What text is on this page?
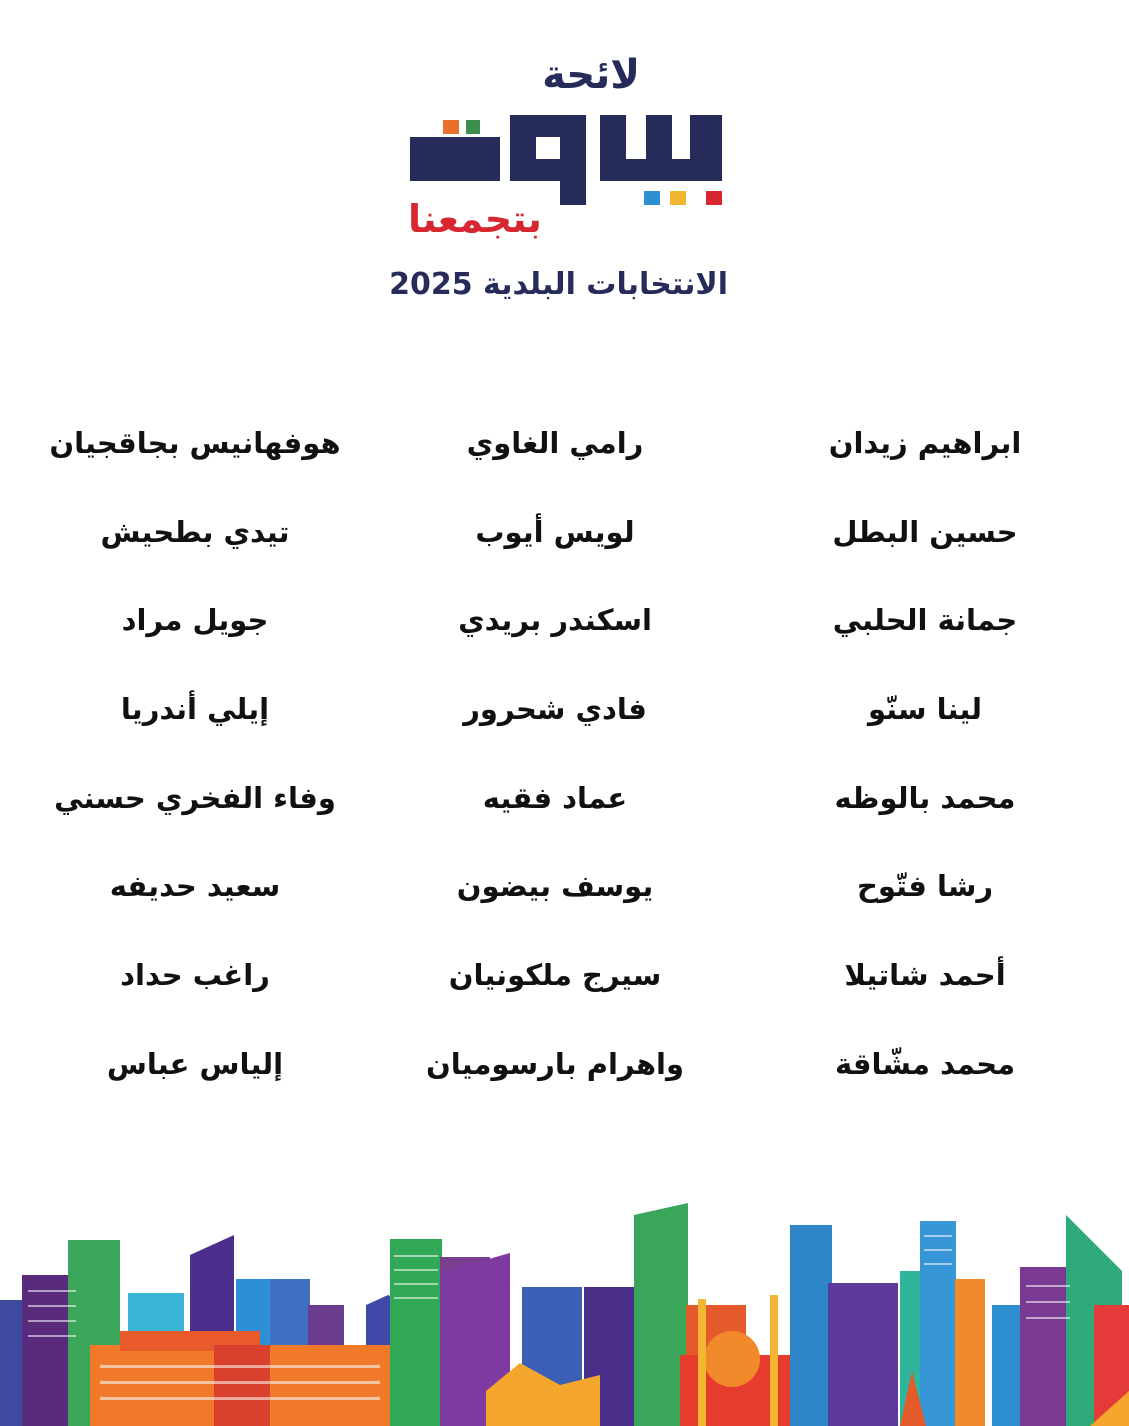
لائحة
بتجمعنا
الانتخابات البلدية 2025
ابراهيم زيدان
رامي الغاوي
هوفهانيس بجاقجيان
حسين البطل
لويس أيوب
تيدي بطحيش
جمانة الحلبي
اسكندر بريدي
جويل مراد
لينا سنّو
فادي شحرور
إيلي أندريا
محمد بالوظه
عماد فقيه
وفاء الفخري حسني
رشا فتّوح
يوسف بيضون
سعيد حديفه
أحمد شاتيلا
سيرج ملكونيان
راغب حداد
محمد مشّاقة
واهرام بارسوميان
إلياس عباس
